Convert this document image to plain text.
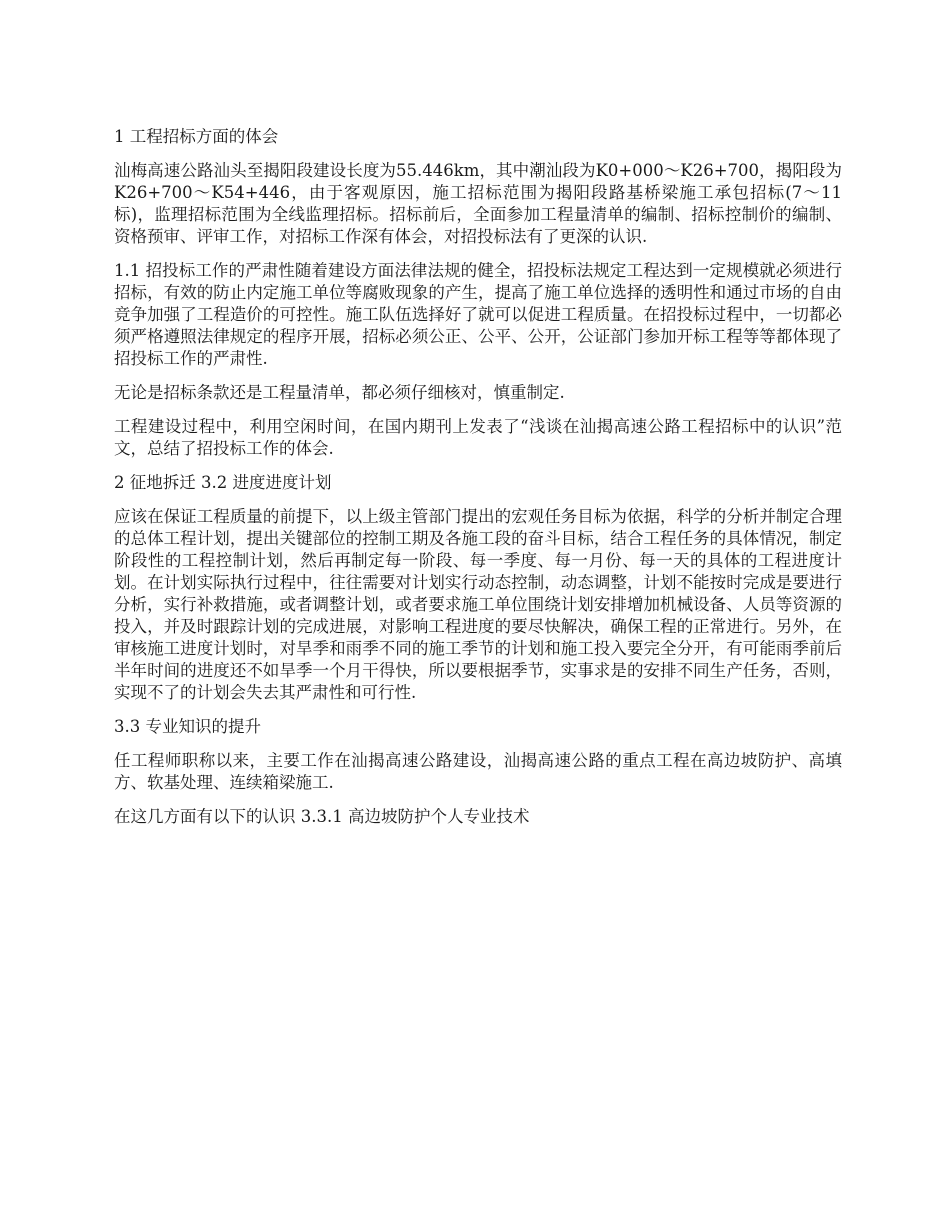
1 工程招标方面的体会

汕梅高速公路汕头至揭阳段建设长度为55.446km，其中潮汕段为K0+000～K26+700，揭阳段为K26+700～K54+446，由于客观原因，施工招标范围为揭阳段路基桥梁施工承包招标(7～11标)，监理招标范围为全线监理招标。招标前后，全面参加工程量清单的编制、招标控制价的编制、资格预审、评审工作，对招标工作深有体会，对招投标法有了更深的认识.

1.1 招投标工作的严肃性随着建设方面法律法规的健全，招投标法规定工程达到一定规模就必须进行招标，有效的防止内定施工单位等腐败现象的产生，提高了施工单位选择的透明性和通过市场的自由竞争加强了工程造价的可控性。施工队伍选择好了就可以促进工程质量。在招投标过程中，一切都必须严格遵照法律规定的程序开展，招标必须公正、公平、公开，公证部门参加开标工程等等都体现了招投标工作的严肃性.

无论是招标条款还是工程量清单，都必须仔细核对，慎重制定.

工程建设过程中，利用空闲时间，在国内期刊上发表了“浅谈在汕揭高速公路工程招标中的认识”范文，总结了招投标工作的体会.

2 征地拆迁 3.2 进度进度计划

应该在保证工程质量的前提下，以上级主管部门提出的宏观任务目标为依据，科学的分析并制定合理的总体工程计划，提出关键部位的控制工期及各施工段的奋斗目标，结合工程任务的具体情况，制定阶段性的工程控制计划，然后再制定每一阶段、每一季度、每一月份、每一天的具体的工程进度计划。在计划实际执行过程中，往往需要对计划实行动态控制，动态调整，计划不能按时完成是要进行分析，实行补救措施，或者调整计划，或者要求施工单位围绕计划安排增加机械设备、人员等资源的投入，并及时跟踪计划的完成进展，对影响工程进度的要尽快解决，确保工程的正常进行。另外，在审核施工进度计划时，对旱季和雨季不同的施工季节的计划和施工投入要完全分开，有可能雨季前后半年时间的进度还不如旱季一个月干得快，所以要根据季节，实事求是的安排不同生产任务，否则，实现不了的计划会失去其严肃性和可行性.

3.3 专业知识的提升

任工程师职称以来，主要工作在汕揭高速公路建设，汕揭高速公路的重点工程在高边坡防护、高填方、软基处理、连续箱梁施工.

在这几方面有以下的认识 3.3.1 高边坡防护个人专业技术
